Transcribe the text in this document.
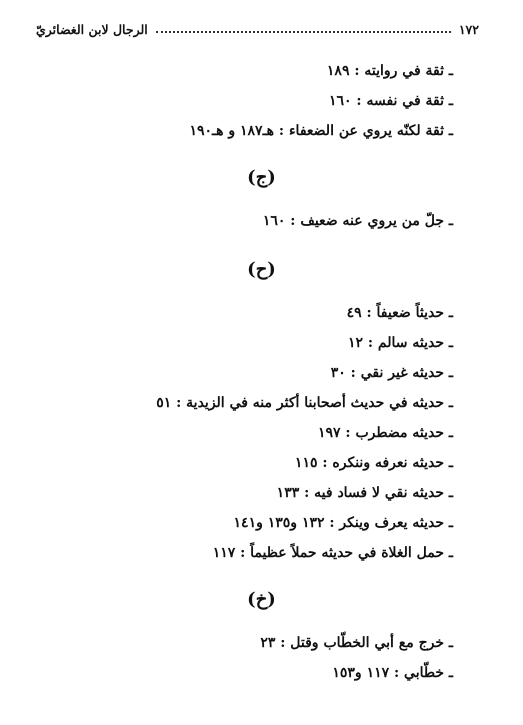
١٧٢
الرجال لابن الغضائريّ
ـ ثقة في روايته : ١٨٩
ـ ثقة في نفسه : ١٦٠
ـ ثقة لكنّه يروي عن الضعفاء : هـ١٨٧ و هـ١٩٠
(ج)
ـ جلّ من يروي عنه ضعيف : ١٦٠
(ح)
ـ حديثاً ضعيفاً : ٤٩
ـ حديثه سالم : ١٢
ـ حديثه غير نقي : ٣٠
ـ حديثه في حديث أصحابنا أكثر منه في الزيدية : ٥١
ـ حديثه مضطرب : ١٩٧
ـ حديثه نعرفه وننكره : ١١٥
ـ حديثه نقي لا فساد فيه : ١٣٣
ـ حديثه يعرف وينكر : ١٣٢ و١٣٥ و١٤١
ـ حمل الغلاة في حديثه حملاً عظيماً : ١١٧
(خ)
ـ خرج مع أبي الخطّاب وقتل : ٢٣
ـ خطّابي : ١١٧ و١٥٣
